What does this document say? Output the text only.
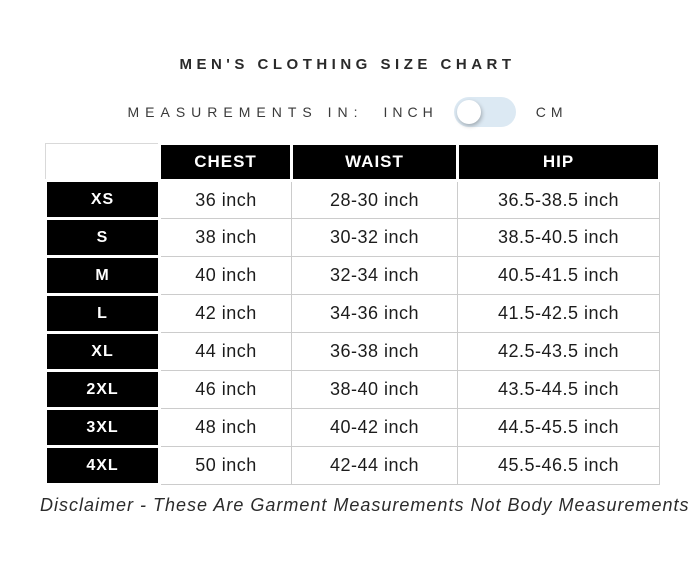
MEN'S CLOTHING SIZE CHART
MEASUREMENTS IN: INCH	CM
	CHEST	WAIST	HIP
XS	36 inch	28-30 inch	36.5-38.5 inch
S	38 inch	30-32 inch	38.5-40.5 inch
M	40 inch	32-34 inch	40.5-41.5 inch
L	42 inch	34-36 inch	41.5-42.5 inch
XL	44 inch	36-38 inch	42.5-43.5 inch
2XL	46 inch	38-40 inch	43.5-44.5 inch
3XL	48 inch	40-42 inch	44.5-45.5 inch
4XL	50 inch	42-44 inch	45.5-46.5 inch
Disclaimer - These Are Garment Measurements Not Body Measurements
